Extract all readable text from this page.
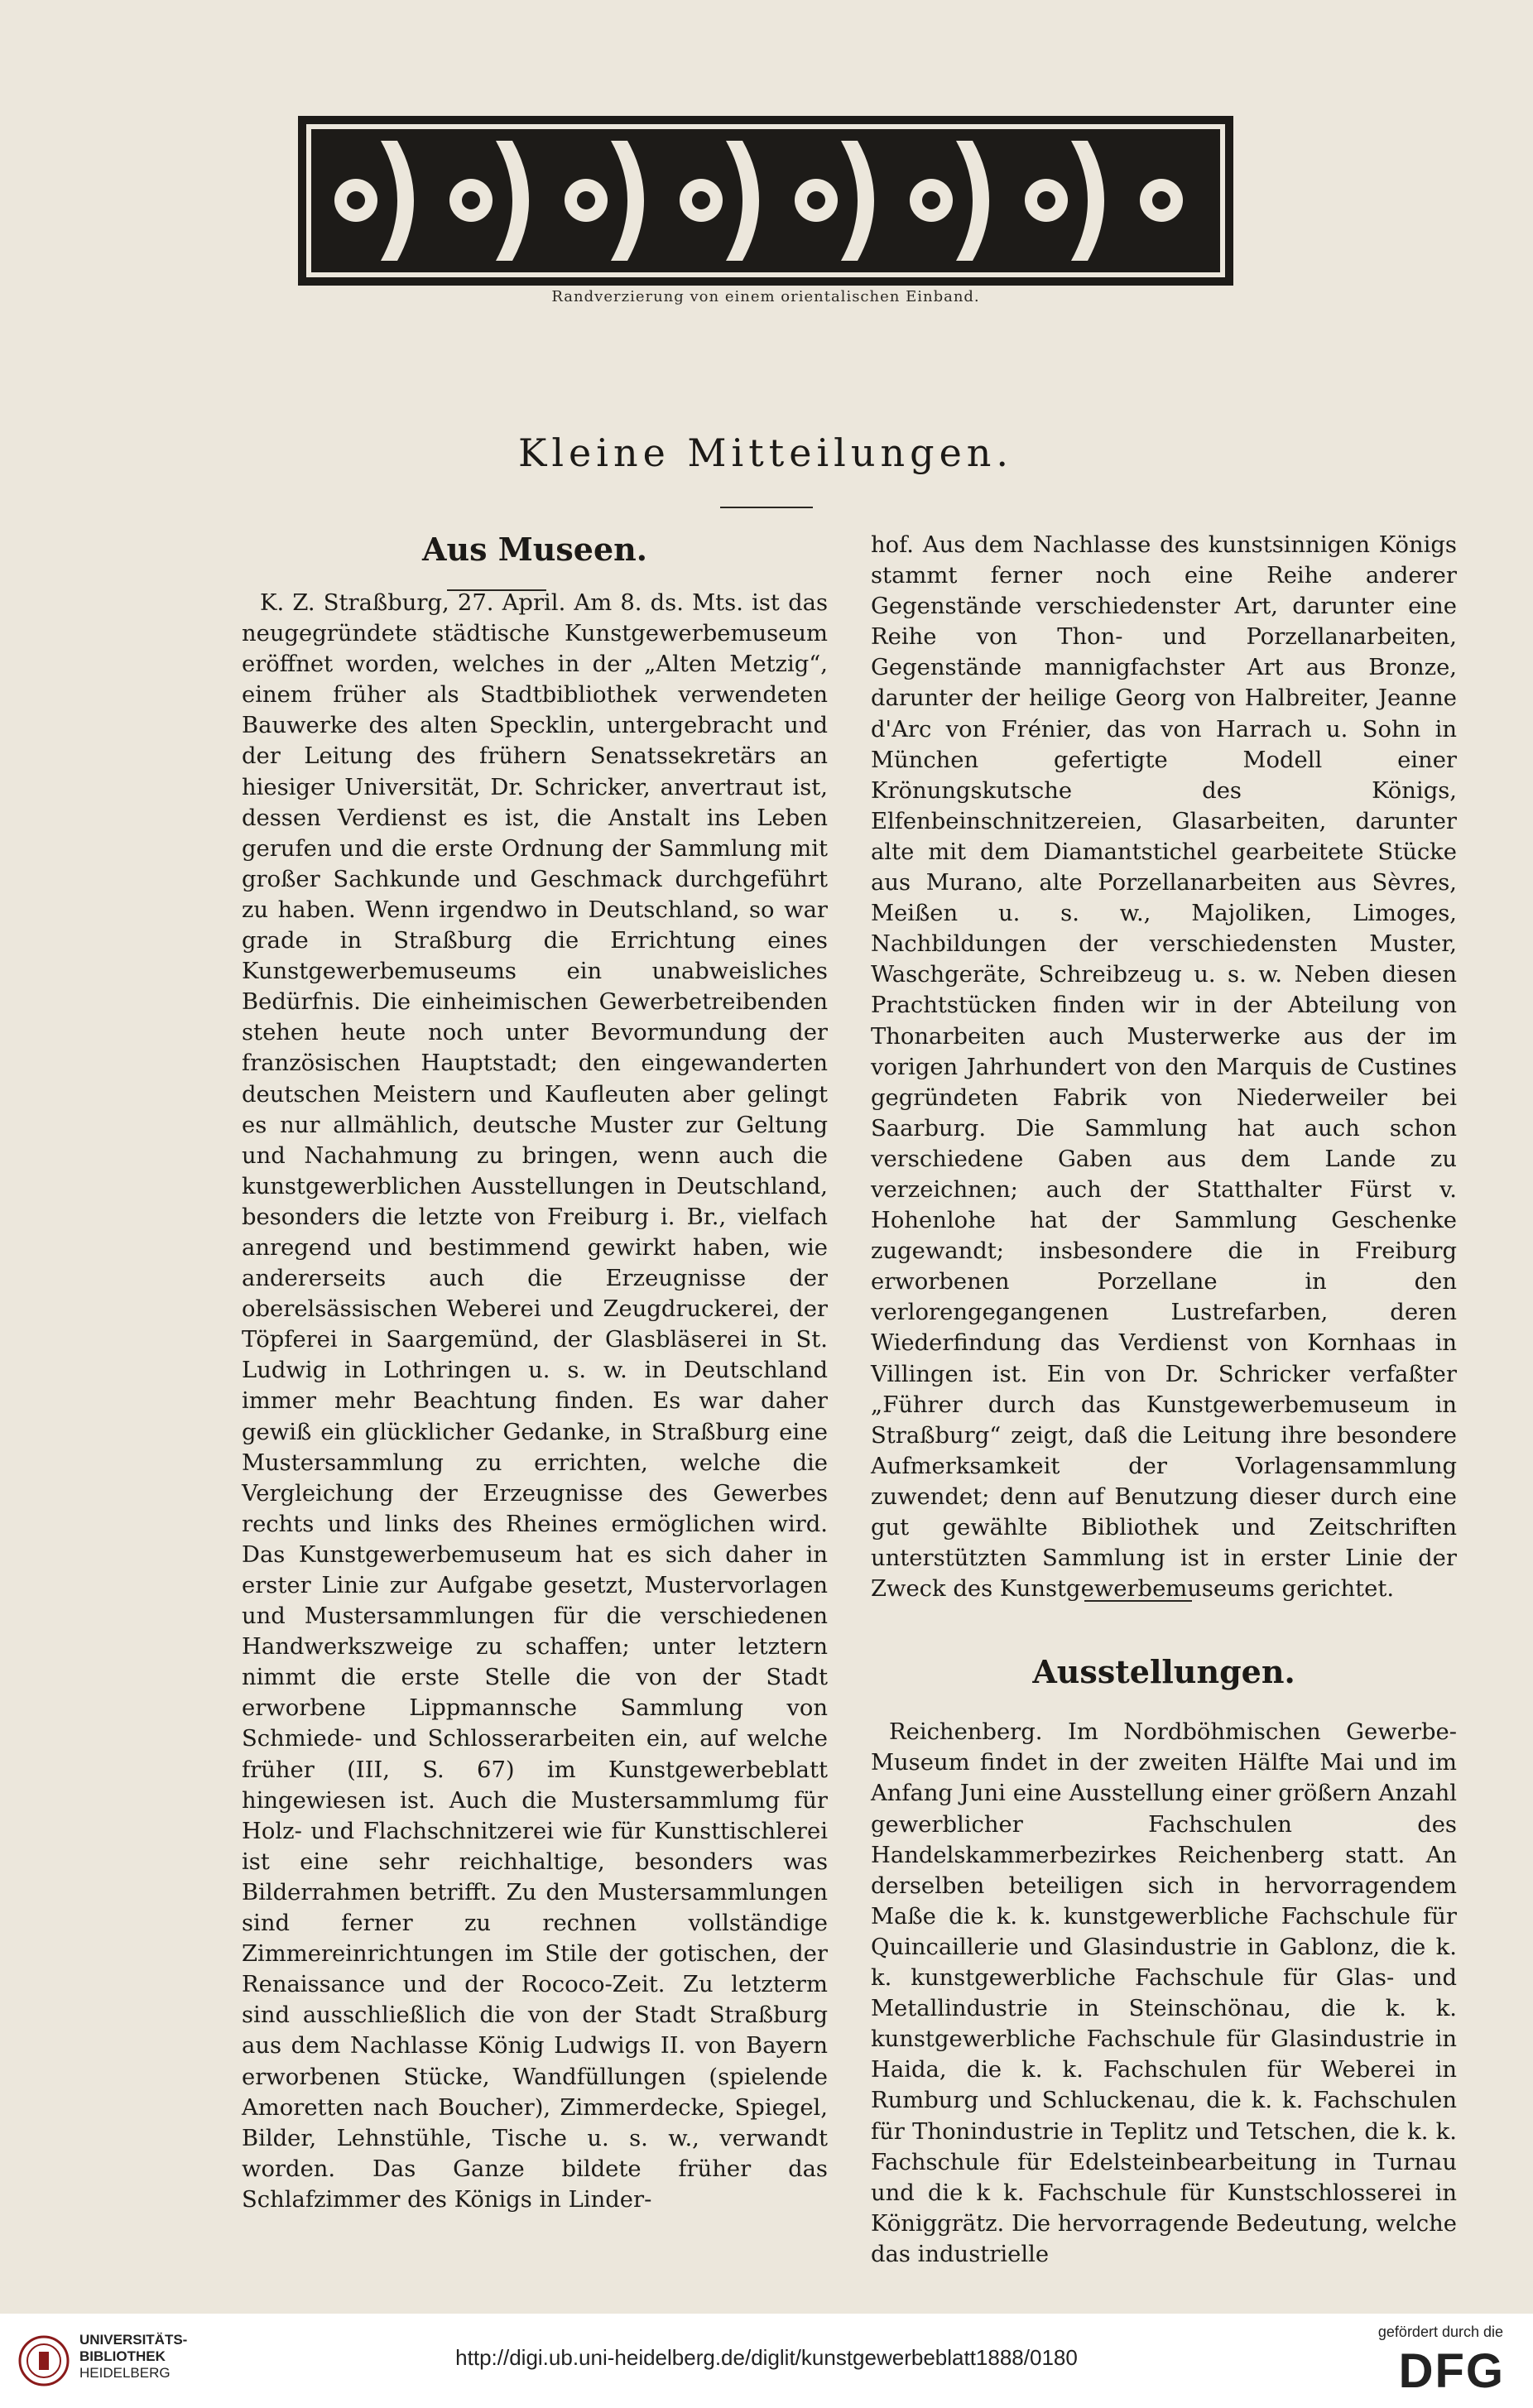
Randverzierung von einem orientalischen Einband.
Kleine Mitteilungen.
Aus Museen.

K. Z. Straßburg, 27. April. Am 8. ds. Mts. ist das neugegründete städtische Kunstgewerbemuseum eröffnet worden, welches in der „Alten Metzig“, einem früher als Stadtbibliothek verwendeten Bauwerke des alten Specklin, untergebracht und der Leitung des frühern Senatssekretärs an hiesiger Universität, Dr. Schricker, anvertraut ist, dessen Verdienst es ist, die Anstalt ins Leben gerufen und die erste Ordnung der Sammlung mit großer Sachkunde und Geschmack durchgeführt zu haben. Wenn irgendwo in Deutschland, so war grade in Straßburg die Errichtung eines Kunstgewerbemuseums ein unabweisliches Bedürfnis. Die einheimischen Gewerbetreibenden stehen heute noch unter Bevormundung der französischen Hauptstadt; den eingewanderten deutschen Meistern und Kaufleuten aber gelingt es nur allmählich, deutsche Muster zur Geltung und Nachahmung zu bringen, wenn auch die kunstgewerblichen Ausstellungen in Deutschland, besonders die letzte von Freiburg i. Br., vielfach anregend und bestimmend gewirkt haben, wie andererseits auch die Erzeugnisse der oberelsässischen Weberei und Zeugdruckerei, der Töpferei in Saargemünd, der Glasbläserei in St. Ludwig in Lothringen u. s. w. in Deutschland immer mehr Beachtung finden. Es war daher gewiß ein glücklicher Gedanke, in Straßburg eine Mustersammlung zu errichten, welche die Vergleichung der Erzeugnisse des Gewerbes rechts und links des Rheines ermöglichen wird. Das Kunstgewerbemuseum hat es sich daher in erster Linie zur Aufgabe gesetzt, Mustervorlagen und Mustersammlungen für die verschiedenen Handwerkszweige zu schaffen; unter letztern nimmt die erste Stelle die von der Stadt erworbene Lippmannsche Sammlung von Schmiede- und Schlosserarbeiten ein, auf welche früher (III, S. 67) im Kunstgewerbeblatt hingewiesen ist. Auch die Mustersammlumg für Holz- und Flachschnitzerei wie für Kunsttischlerei ist eine sehr reichhaltige, besonders was Bilderrahmen betrifft. Zu den Mustersammlungen sind ferner zu rechnen vollständige Zimmereinrichtungen im Stile der gotischen, der Renaissance und der Rococo-Zeit. Zu letzterm sind ausschließlich die von der Stadt Straßburg aus dem Nachlasse König Ludwigs II. von Bayern erworbenen Stücke, Wandfüllungen (spielende Amoretten nach Boucher), Zimmerdecke, Spiegel, Bilder, Lehnstühle, Tische u. s. w., verwandt worden. Das Ganze bildete früher das Schlafzimmer des Königs in Linder-

hof. Aus dem Nachlasse des kunstsinnigen Königs stammt ferner noch eine Reihe anderer Gegenstände verschiedenster Art, darunter eine Reihe von Thon- und Porzellanarbeiten, Gegenstände mannigfachster Art aus Bronze, darunter der heilige Georg von Halbreiter, Jeanne d'Arc von Frénier, das von Harrach u. Sohn in München gefertigte Modell einer Krönungskutsche des Königs, Elfenbeinschnitzereien, Glasarbeiten, darunter alte mit dem Diamantstichel gearbeitete Stücke aus Murano, alte Porzellanarbeiten aus Sèvres, Meißen u. s. w., Majoliken, Limoges, Nachbildungen der verschiedensten Muster, Waschgeräte, Schreibzeug u. s. w. Neben diesen Prachtstücken finden wir in der Abteilung von Thonarbeiten auch Musterwerke aus der im vorigen Jahrhundert von den Marquis de Custines gegründeten Fabrik von Niederweiler bei Saarburg. Die Sammlung hat auch schon verschiedene Gaben aus dem Lande zu verzeichnen; auch der Statthalter Fürst v. Hohenlohe hat der Sammlung Geschenke zugewandt; insbesondere die in Freiburg erworbenen Porzellane in den verlorengegangenen Lustrefarben, deren Wiederfindung das Verdienst von Kornhaas in Villingen ist. Ein von Dr. Schricker verfaßter „Führer durch das Kunstgewerbemuseum in Straßburg“ zeigt, daß die Leitung ihre besondere Aufmerksamkeit der Vorlagensammlung zuwendet; denn auf Benutzung dieser durch eine gut gewählte Bibliothek und Zeitschriften unterstützten Sammlung ist in erster Linie der Zweck des Kunstgewerbemuseums gerichtet.

Ausstellungen.

Reichenberg. Im Nordböhmischen Gewerbe-Museum findet in der zweiten Hälfte Mai und im Anfang Juni eine Ausstellung einer größern Anzahl gewerblicher Fachschulen des Handelskammerbezirkes Reichenberg statt. An derselben beteiligen sich in hervorragendem Maße die k. k. kunstgewerbliche Fachschule für Quincaillerie und Glasindustrie in Gablonz, die k. k. kunstgewerbliche Fachschule für Glas- und Metallindustrie in Steinschönau, die k. k. kunstgewerbliche Fachschule für Glasindustrie in Haida, die k. k. Fachschulen für Weberei in Rumburg und Schluckenau, die k. k. Fachschulen für Thonindustrie in Teplitz und Tetschen, die k. k. Fachschule für Edelsteinbearbeitung in Turnau und die k k. Fachschule für Kunstschlosserei in Königgrätz. Die hervorragende Bedeutung, welche das industrielle

UNIVERSITÄTS-
BIBLIOTHEK
HEIDELBERG
http://digi.ub.uni-heidelberg.de/diglit/kunstgewerbeblatt1888/0180
gefördert durch die
DFG
